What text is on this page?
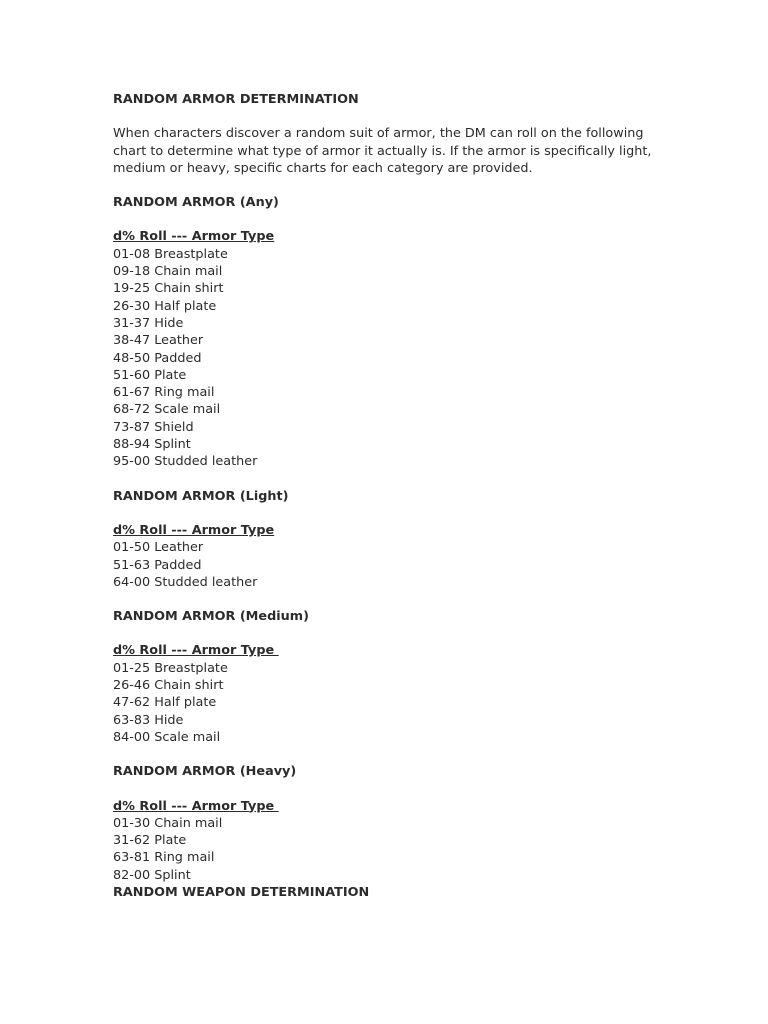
RANDOM ARMOR DETERMINATION

When characters discover a random suit of armor, the DM can roll on the following chart to determine what type of armor it actually is. If the armor is specifically light, medium or heavy, specific charts for each category are provided.

RANDOM ARMOR (Any)

d% Roll --- Armor Type

01-08 Breastplate
09-18 Chain mail
19-25 Chain shirt
26-30 Half plate
31-37 Hide
38-47 Leather
48-50 Padded
51-60 Plate
61-67 Ring mail
68-72 Scale mail
73-87 Shield
88-94 Splint
95-00 Studded leather

RANDOM ARMOR (Light)

d% Roll --- Armor Type

01-50 Leather
51-63 Padded
64-00 Studded leather

RANDOM ARMOR (Medium)

d% Roll --- Armor Type

01-25 Breastplate
26-46 Chain shirt
47-62 Half plate
63-83 Hide
84-00 Scale mail

RANDOM ARMOR (Heavy)

d% Roll --- Armor Type

01-30 Chain mail
31-62 Plate
63-81 Ring mail
82-00 Splint

RANDOM WEAPON DETERMINATION
